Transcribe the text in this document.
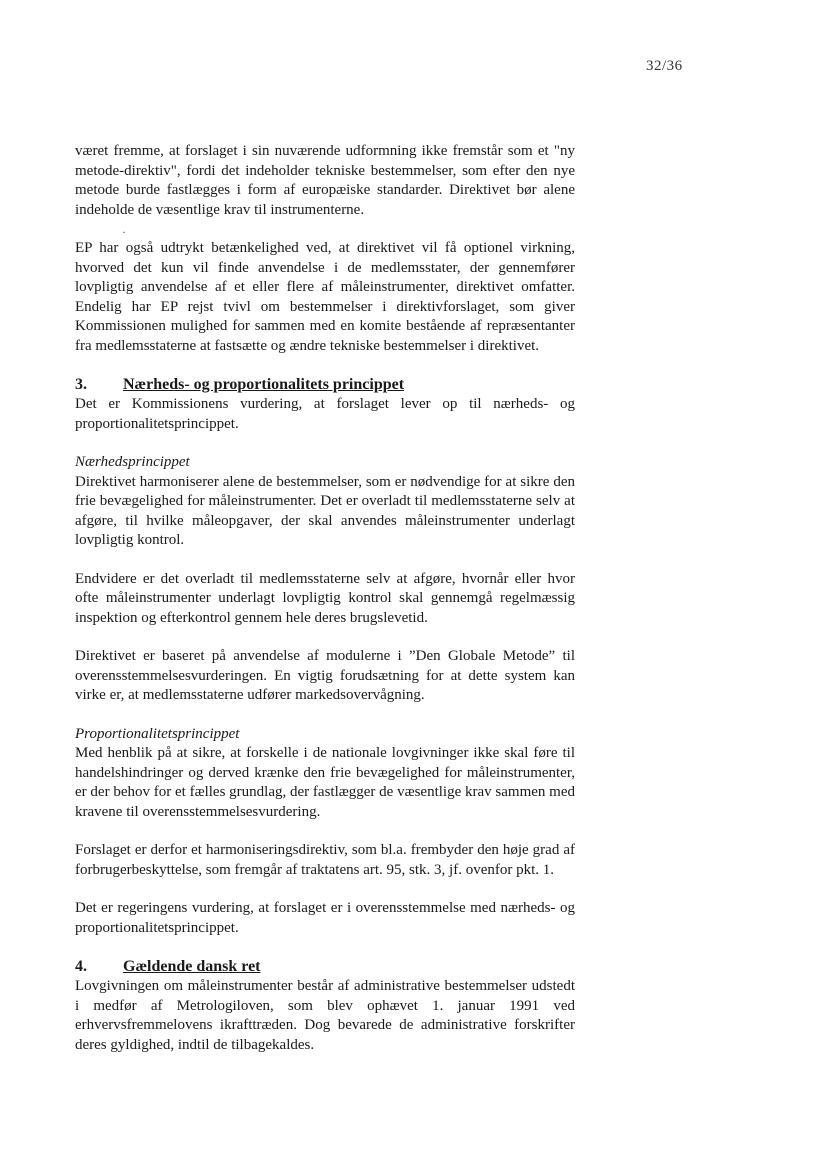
32/36

været fremme, at forslaget i sin nuværende udformning ikke fremstår som et "ny metode-direktiv", fordi det indeholder tekniske bestemmelser, som efter den nye metode burde fastlægges i form af europæiske standarder. Direktivet bør alene indeholde de væsentlige krav til instrumenterne.

·

EP har også udtrykt betænkelighed ved, at direktivet vil få optionel virkning, hvorved det kun vil finde anvendelse i de medlemsstater, der gennemfører lovpligtig anvendelse af et eller flere af måleinstrumenter, direktivet omfatter. Endelig har EP rejst tvivl om bestemmelser i direktivforslaget, som giver Kommissionen mulighed for sammen med en komite bestående af repræsentanter fra medlemsstaterne at fastsætte og ændre tekniske bestemmelser i direktivet.

3. Nærheds- og proportionalitets princippet

Det er Kommissionens vurdering, at forslaget lever op til nærheds- og proportionalitetsprincippet.

Nærhedsprincippet

Direktivet harmoniserer alene de bestemmelser, som er nødvendige for at sikre den frie bevægelighed for måleinstrumenter. Det er overladt til medlemsstaterne selv at afgøre, til hvilke måleopgaver, der skal anvendes måleinstrumenter underlagt lovpligtig kontrol.

Endvidere er det overladt til medlemsstaterne selv at afgøre, hvornår eller hvor ofte måleinstrumenter underlagt lovpligtig kontrol skal gennemgå regelmæssig inspektion og efterkontrol gennem hele deres brugslevetid.

Direktivet er baseret på anvendelse af modulerne i ”Den Globale Metode” til overensstemmelsesvurderingen. En vigtig forudsætning for at dette system kan virke er, at medlemsstaterne udfører markedsovervågning.

Proportionalitetsprincippet

Med henblik på at sikre, at forskelle i de nationale lovgivninger ikke skal føre til handelshindringer og derved krænke den frie bevægelighed for måleinstrumenter, er der behov for et fælles grundlag, der fastlægger de væsentlige krav sammen med kravene til overensstemmelsesvurdering.

Forslaget er derfor et harmoniseringsdirektiv, som bl.a. frembyder den høje grad af forbrugerbeskyttelse, som fremgår af traktatens art. 95, stk. 3, jf. ovenfor pkt. 1.

Det er regeringens vurdering, at forslaget er i overensstemmelse med nærheds- og proportionalitetsprincippet.

4. Gældende dansk ret

Lovgivningen om måleinstrumenter består af administrative bestemmelser udstedt i medfør af Metrologiloven, som blev ophævet 1. januar 1991 ved erhvervsfremmelovens ikrafttræden. Dog bevarede de administrative forskrifter deres gyldighed, indtil de tilbagekaldes.
